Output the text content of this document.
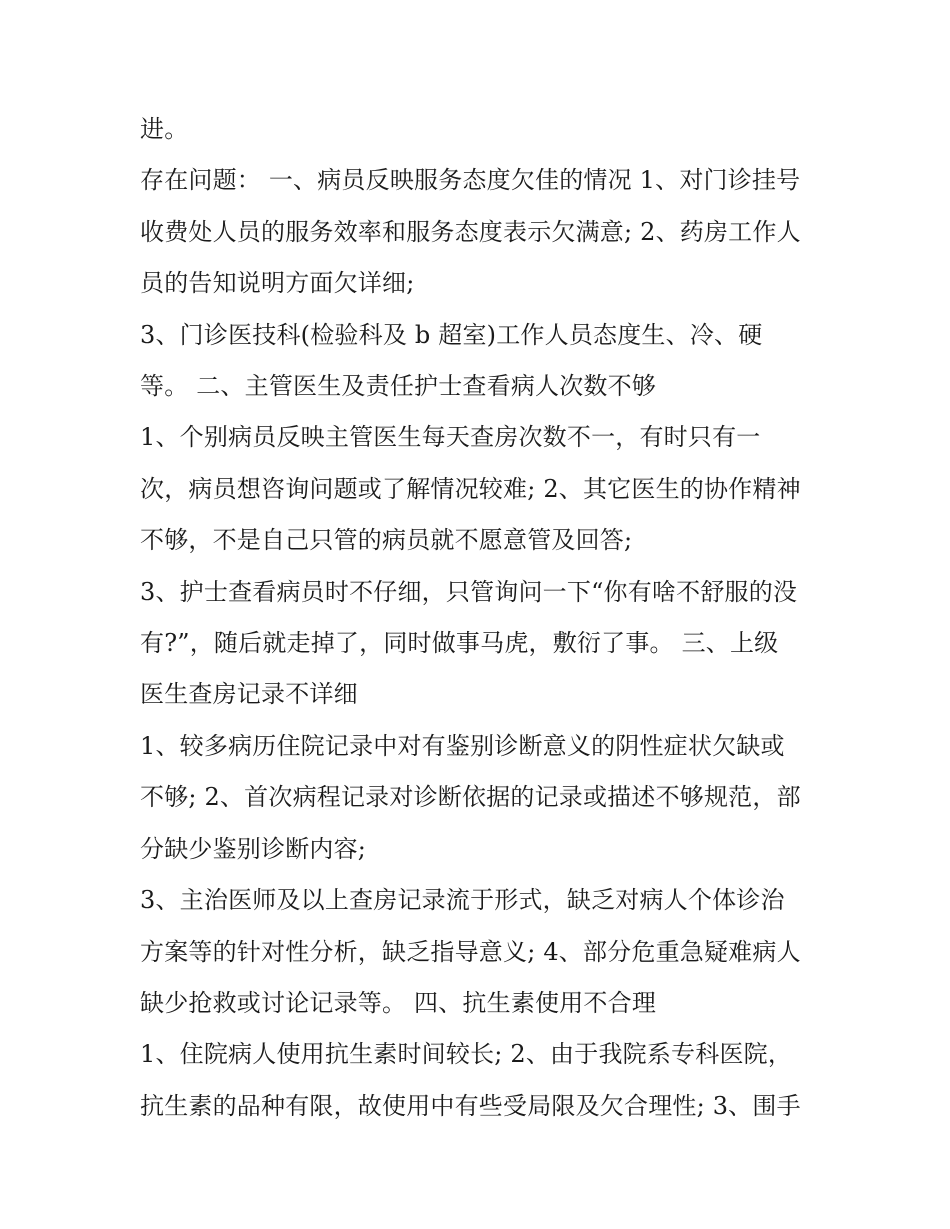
进。
存在问题： 一、病员反映服务态度欠佳的情况 1、对门诊挂号
收费处人员的服务效率和服务态度表示欠满意; 2、药房工作人
员的告知说明方面欠详细;
3、门诊医技科(检验科及 b 超室)工作人员态度生、冷、硬
等。 二、主管医生及责任护士查看病人次数不够
1、个别病员反映主管医生每天查房次数不一，有时只有一
次，病员想咨询问题或了解情况较难; 2、其它医生的协作精神
不够，不是自己只管的病员就不愿意管及回答;
3、护士查看病员时不仔细，只管询问一下“你有啥不舒服的没
有?”，随后就走掉了，同时做事马虎，敷衍了事。 三、上级
医生查房记录不详细
1、较多病历住院记录中对有鉴别诊断意义的阴性症状欠缺或
不够; 2、首次病程记录对诊断依据的记录或描述不够规范，部
分缺少鉴别诊断内容;
3、主治医师及以上查房记录流于形式，缺乏对病人个体诊治
方案等的针对性分析，缺乏指导意义; 4、部分危重急疑难病人
缺少抢救或讨论记录等。 四、抗生素使用不合理
1、住院病人使用抗生素时间较长; 2、由于我院系专科医院，
抗生素的品种有限，故使用中有些受局限及欠合理性; 3、围手
